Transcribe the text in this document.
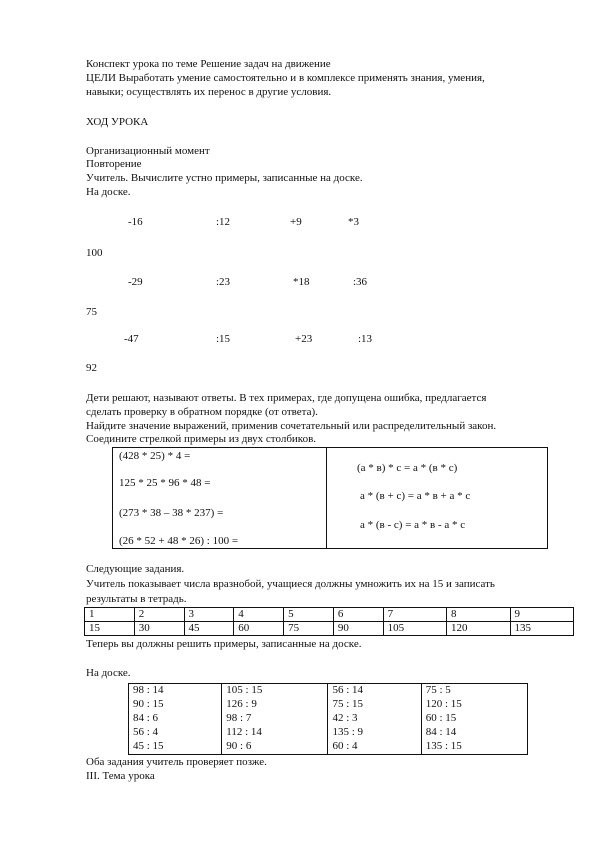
Конспект урока по теме Решение задач на движение
ЦЕЛИ Выработать умение самостоятельно и в комплексе применять знания, умения,
навыки; осуществлять их перенос в другие условия.
ХОД УРОКА
Организационный момент
Повторение
Учитель. Вычислите устно примеры, записанные на доске.
На доске.
-16	:12	+9	*3
100
-29	:23	*18	:36
75
-47	:15	+23	:13
92
Дети решают, называют ответы. В тех примерах, где допущена ошибка, предлагается
сделать проверку в обратном порядке (от ответа).
Найдите значение выражений, применив сочетательный или распределительный закон.
Соедините стрелкой примеры из двух столбиков.
(428 * 25) * 4 =
125 * 25 * 96 * 48 =
(273 * 38 – 38 * 237) =
(26 * 52 + 48 * 26) : 100 =

(а * в) * с = а * (в * с)
а * (в + с) = а * в + а * с
а * (в - с) = а * в - а * с
Следующие задания.
Учитель показывает числа вразнобой, учащиеся должны умножить их на 15 и записать
результаты в тетрадь.
1	2	3	4	5	6	7	8	9
15	30	45	60	75	90	105	120	135
Теперь вы должны решить примеры, записанные на доске.
На доске.
98 : 14	105 : 15	56 : 14	75 : 5
90 : 15	126 : 9	75 : 15	120 : 15
84 : 6	98 : 7	42 : 3	60 : 15
56 : 4	112 : 14	135 : 9	84 : 14
45 : 15	90 : 6	60 : 4	135 : 15
Оба задания учитель проверяет позже.
III. Тема урока
